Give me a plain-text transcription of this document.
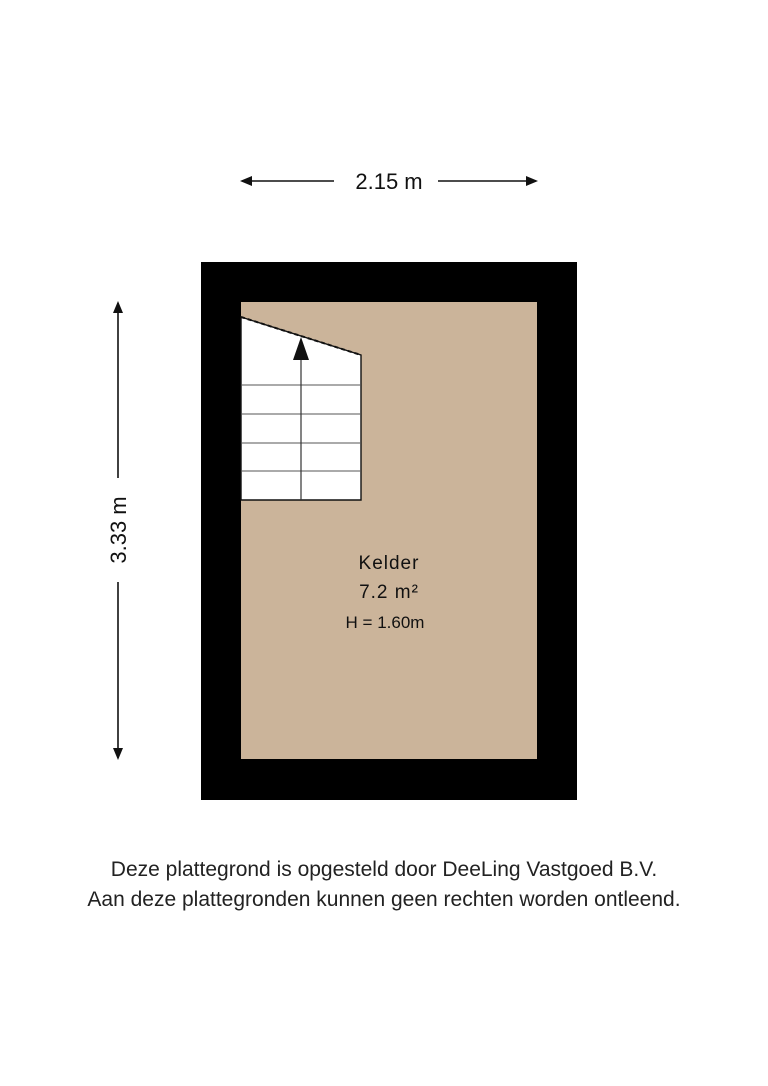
2.15 m
3.33 m	Kelder
7.2 m²
H = 1.60m
Deze plattegrond is opgesteld door DeeLing Vastgoed B.V.
Aan deze plattegronden kunnen geen rechten worden ontleend.
